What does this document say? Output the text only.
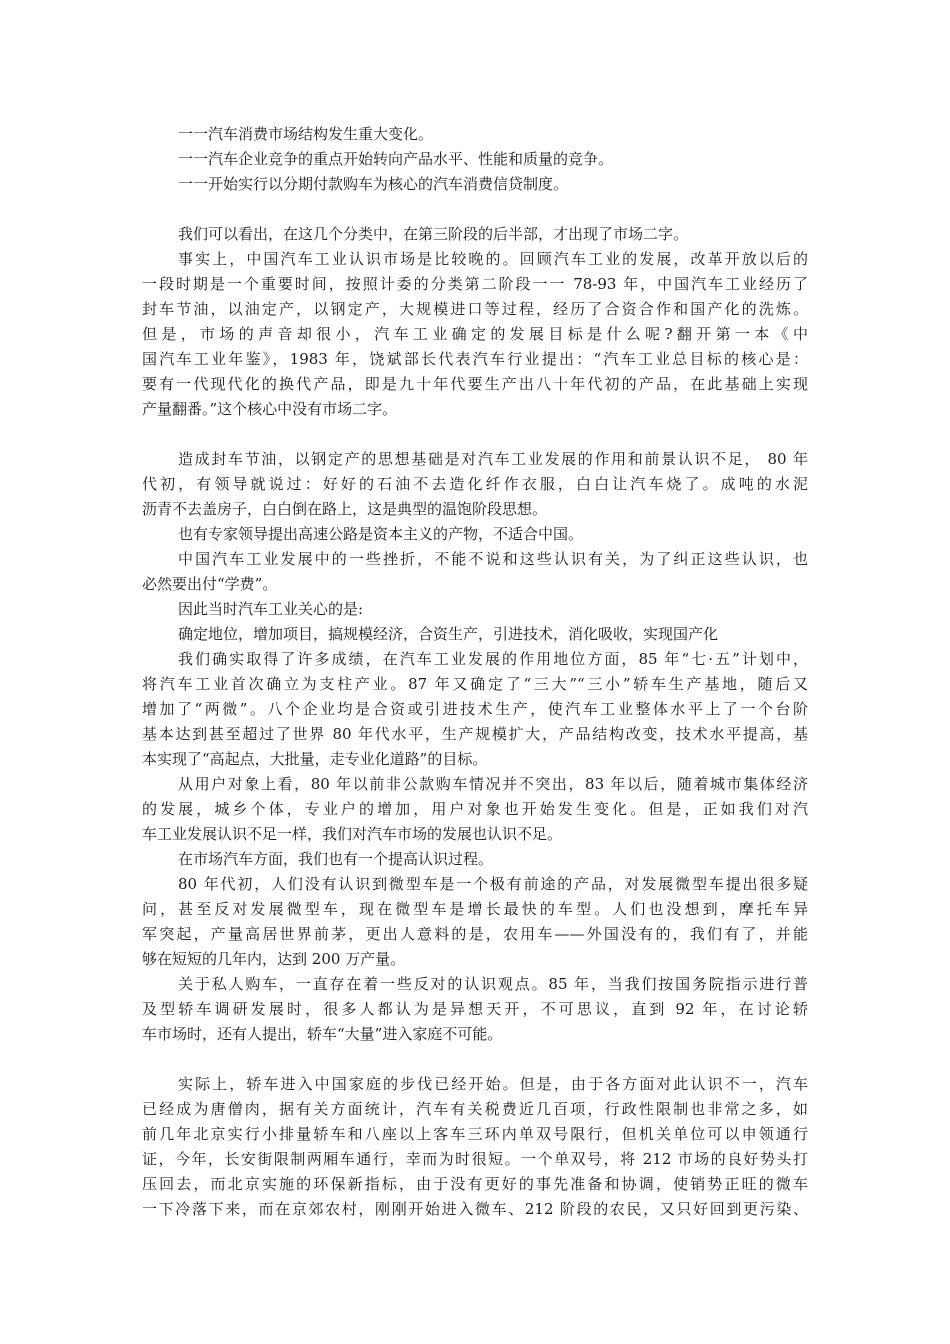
一一汽车消费市场结构发生重大变化。
一一汽车企业竞争的重点开始转向产品水平、性能和质量的竞争。
一一开始实行以分期付款购车为核心的汽车消费信贷制度。
我们可以看出，在这几个分类中，在第三阶段的后半部，才出现了市场二字。
事实上，中国汽车工业认识市场是比较晚的。回顾汽车工业的发展，改革开放以后的
一段时期是一个重要时间，按照计委的分类第二阶段一一 78-93 年，中国汽车工业经历了
封车节油，以油定产，以钢定产，大规模进口等过程，经历了合资合作和国产化的洗炼。
但是，市场的声音却很小，汽车工业确定的发展目标是什么呢?翻开第一本《中
国汽车工业年鉴》，1983 年，饶斌部长代表汽车行业提出：“汽车工业总目标的核心是：
要有一代现代化的换代产品，即是九十年代要生产出八十年代初的产品，在此基础上实现
产量翻番。”这个核心中没有市场二字。
造成封车节油，以钢定产的思想基础是对汽车工业发展的作用和前景认识不足， 80 年
代初，有领导就说过：好好的石油不去造化纤作衣服，白白让汽车烧了。成吨的水泥
沥青不去盖房子，白白倒在路上，这是典型的温饱阶段思想。
也有专家领导提出高速公路是资本主义的产物，不适合中国。
中国汽车工业发展中的一些挫折，不能不说和这些认识有关，为了纠正这些认识，也
必然要出付“学费”。
因此当时汽车工业关心的是:
确定地位，增加项目，搞规模经济，合资生产，引进技术，消化吸收，实现国产化
我们确实取得了许多成绩，在汽车工业发展的作用地位方面，85 年“七·五”计划中，
将汽车工业首次确立为支柱产业。87 年又确定了“三大”“三小”轿车生产基地，随后又
增加了“两微”。八个企业均是合资或引进技术生产，使汽车工业整体水平上了一个台阶
基本达到甚至超过了世界 80 年代水平，生产规模扩大，产品结构改变，技术水平提高，基
本实现了“高起点，大批量，走专业化道路”的目标。
从用户对象上看，80 年以前非公款购车情况并不突出，83 年以后，随着城市集体经济
的发展，城乡个体，专业户的增加，用户对象也开始发生变化。但是，正如我们对汽
车工业发展认识不足一样，我们对汽车市场的发展也认识不足。
在市场汽车方面，我们也有一个提高认识过程。
80 年代初，人们没有认识到微型车是一个极有前途的产品，对发展微型车提出很多疑
问，甚至反对发展微型车，现在微型车是增长最快的车型。人们也没想到，摩托车异
军突起，产量高居世界前茅，更出人意料的是，农用车——外国没有的，我们有了，并能
够在短短的几年内，达到 200 万产量。
关于私人购车，一直存在着一些反对的认识观点。85 年，当我们按国务院指示进行普
及型轿车调研发展时，很多人都认为是异想天开，不可思议，直到 92 年，在讨论轿
车市场时，还有人提出，轿车“大量”进入家庭不可能。
实际上，轿车进入中国家庭的步伐已经开始。但是，由于各方面对此认识不一，汽车
已经成为唐僧肉，据有关方面统计，汽车有关税费近几百项，行政性限制也非常之多，如
前几年北京实行小排量轿车和八座以上客车三环内单双号限行，但机关单位可以申领通行
证，今年，长安街限制两厢车通行，幸而为时很短。一个单双号，将 212 市场的良好势头打
压回去，而北京实施的环保新指标，由于没有更好的事先准备和协调，使销势正旺的微车
一下冷落下来，而在京郊农村，刚刚开始进入微车、212 阶段的农民，又只好回到更污染、
